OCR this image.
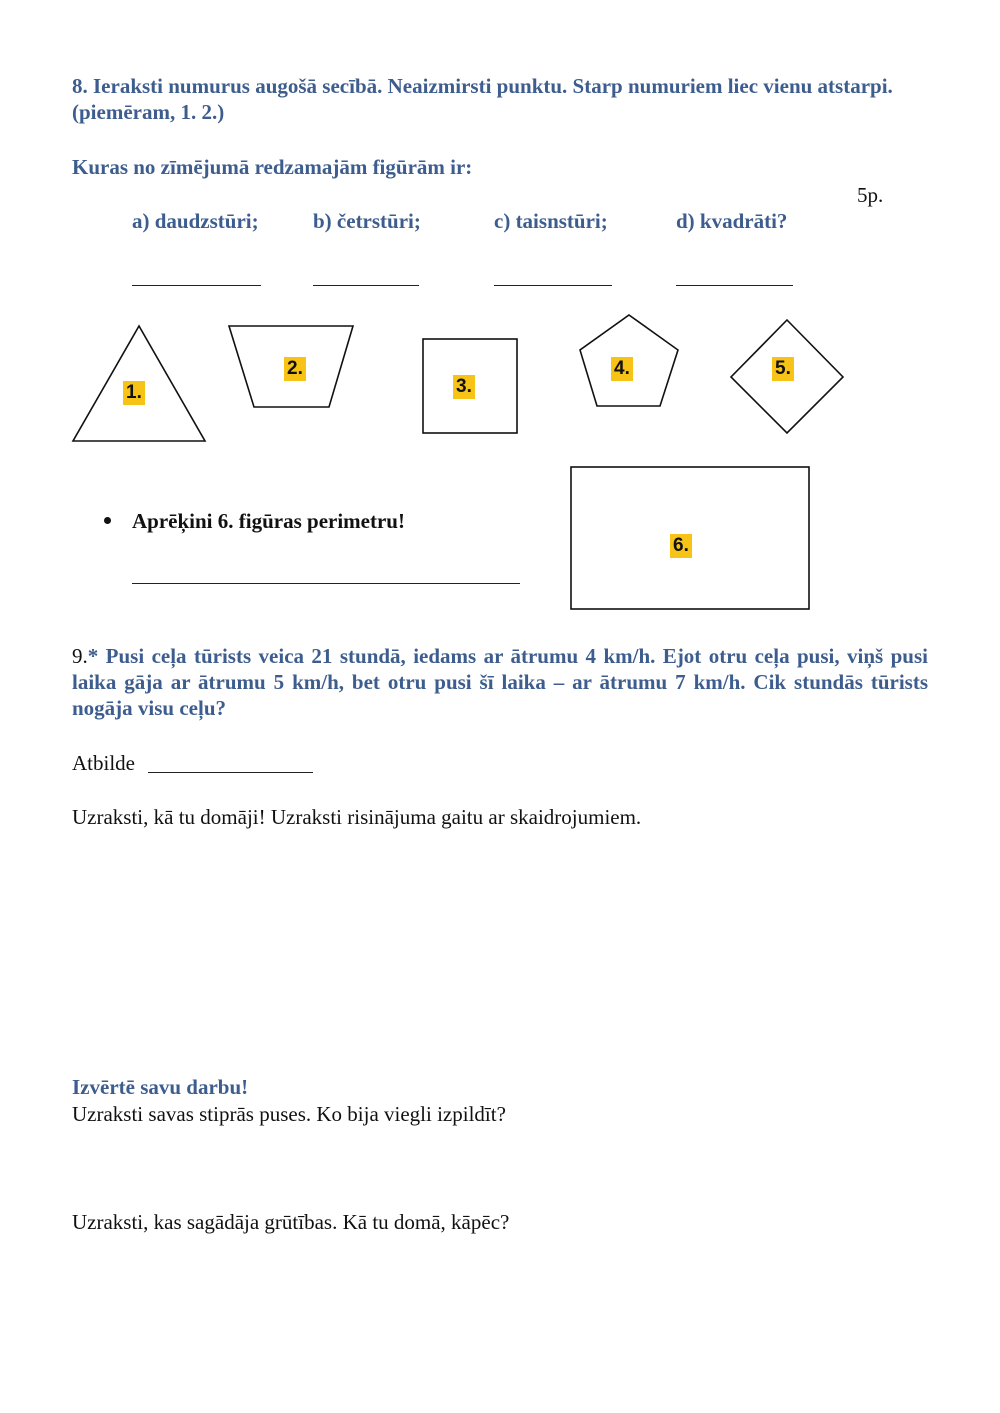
8. Ieraksti numurus augošā secībā. Neaizmirsti punktu. Starp numuriem liec vienu atstarpi. (piemēram, 1. 2.)
Kuras no zīmējumā redzamajām figūrām ir:
5p.
a) daudzstūri;	b) četrstūri;	c) taisnstūri;	d) kvadrāti?
1.
2.
3.
4.	5.
6.
Aprēķini 6. figūras perimetru!
9.* Pusi ceļa tūrists veica 21 stundā, iedams ar ātrumu 4 km/h. Ejot otru ceļa pusi, viņš pusi laika gāja ar ātrumu 5 km/h, bet otru pusi šī laika – ar ātrumu 7 km/h. Cik stundās tūrists nogāja visu ceļu?
Atbilde
Uzraksti, kā tu domāji! Uzraksti risinājuma gaitu ar skaidrojumiem.
Izvērtē savu darbu!
Uzraksti savas stiprās puses. Ko bija viegli izpildīt?
Uzraksti, kas sagādāja grūtības. Kā tu domā, kāpēc?
